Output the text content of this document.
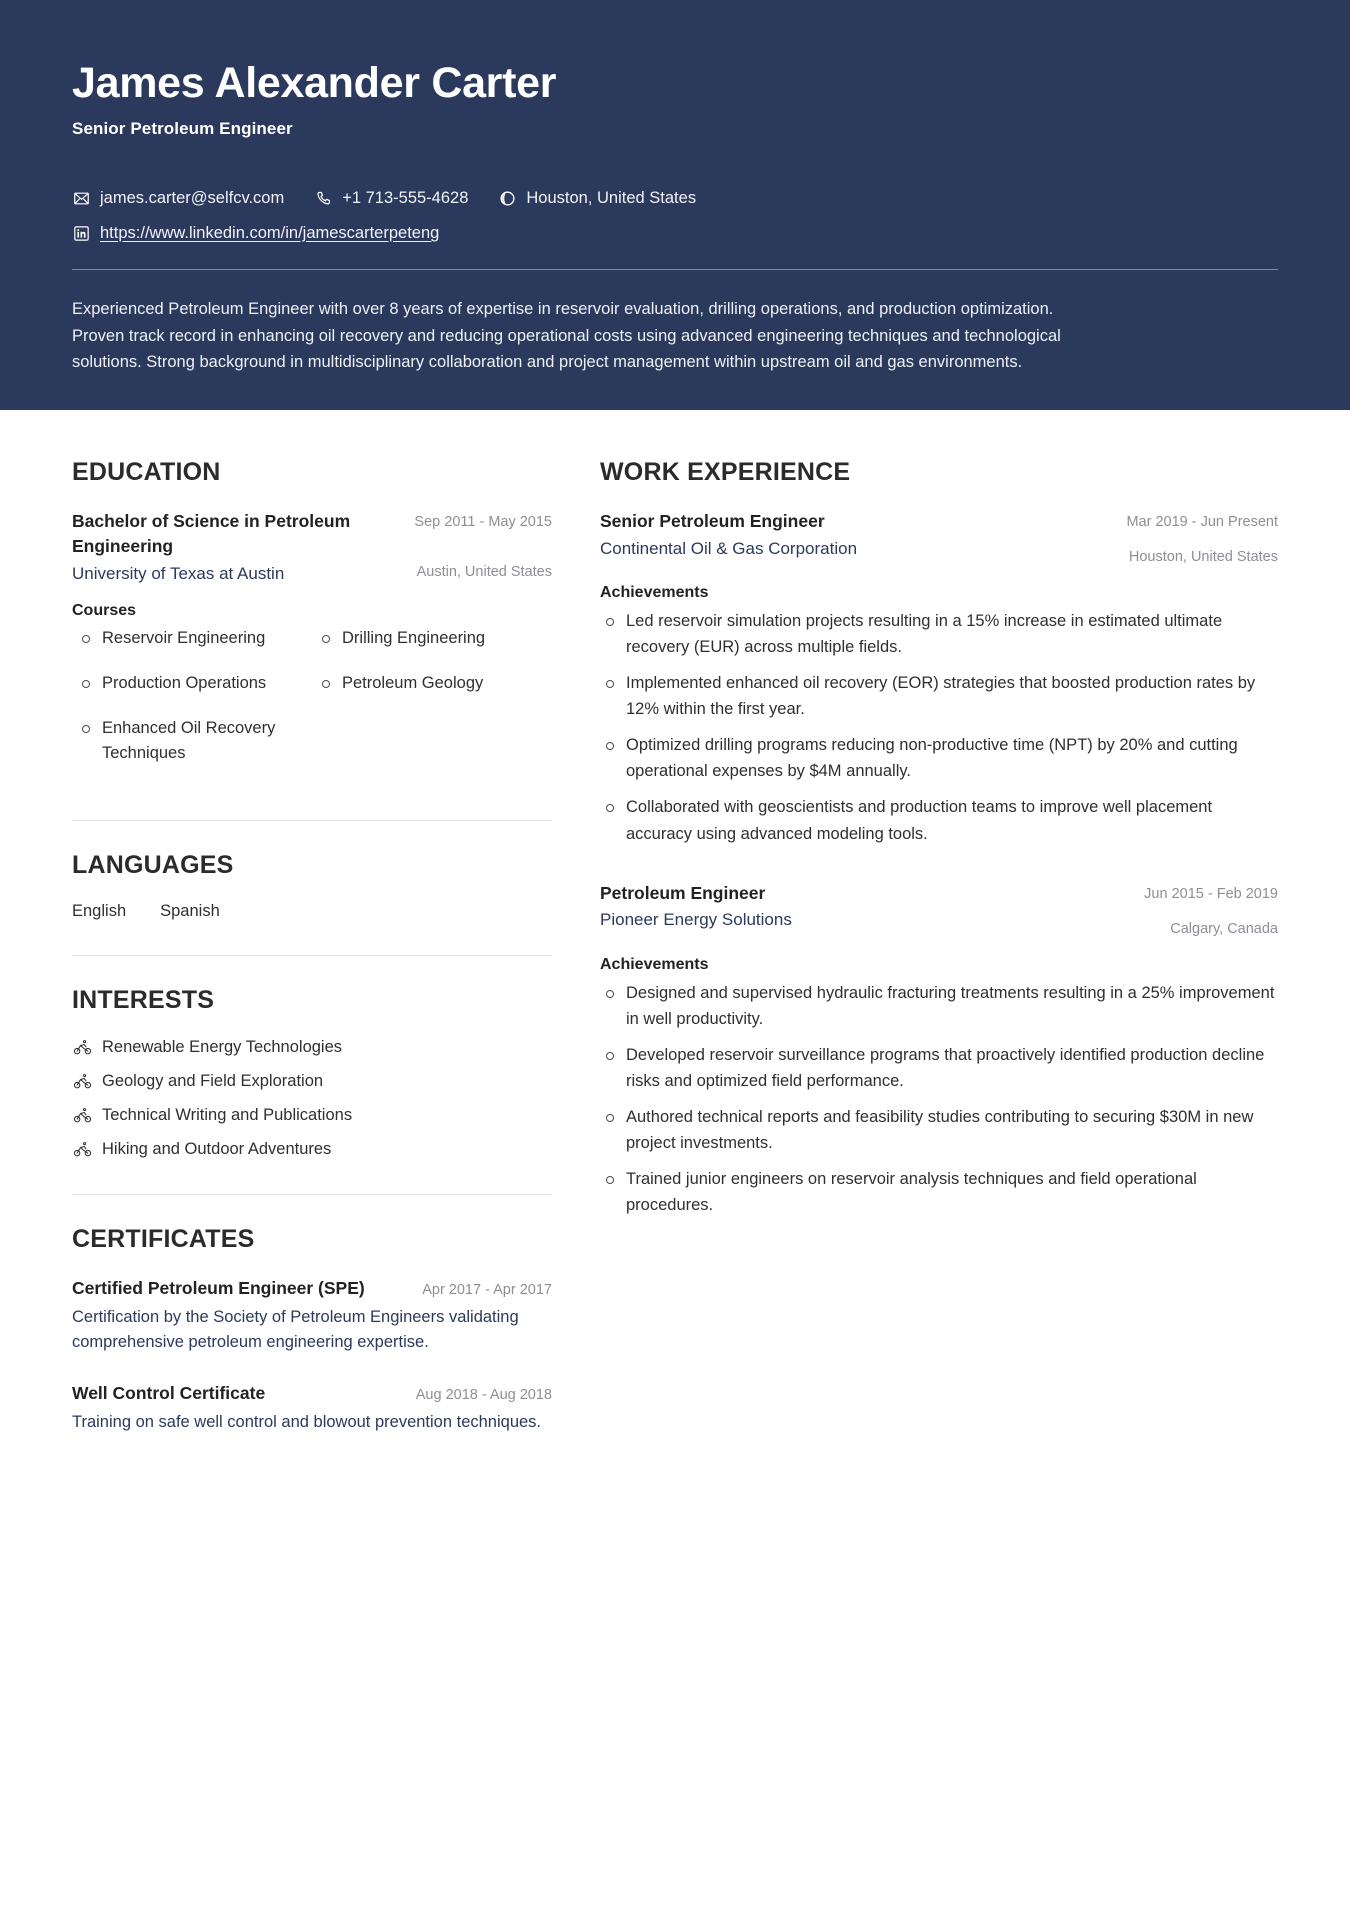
James Alexander Carter
Senior Petroleum Engineer
james.carter@selfcv.com	+1 713-555-4628	Houston, United States
https://www.linkedin.com/in/jamescarterpeteng
Experienced Petroleum Engineer with over 8 years of expertise in reservoir evaluation, drilling operations, and production optimization. Proven track record in enhancing oil recovery and reducing operational costs using advanced engineering techniques and technological solutions. Strong background in multidisciplinary collaboration and project management within upstream oil and gas environments.
EDUCATION
Bachelor of Science in Petroleum Engineering
Sep 2011 - May 2015
University of Texas at Austin	Austin, United States
Courses
Reservoir Engineering	Drilling Engineering
Production Operations	Petroleum Geology
Enhanced Oil Recovery Techniques
LANGUAGES
English Spanish
INTERESTS
Renewable Energy Technologies
Geology and Field Exploration
Technical Writing and Publications
Hiking and Outdoor Adventures
CERTIFICATES
Certified Petroleum Engineer (SPE)	Apr 2017 - Apr 2017
Certification by the Society of Petroleum Engineers validating comprehensive petroleum engineering expertise.
Well Control Certificate	Aug 2018 - Aug 2018
Training on safe well control and blowout prevention techniques.
WORK EXPERIENCE
Senior Petroleum Engineer
Continental Oil & Gas Corporation
Mar 2019 - Jun Present
Houston, United States
Achievements
Led reservoir simulation projects resulting in a 15% increase in estimated ultimate recovery (EUR) across multiple fields.
Implemented enhanced oil recovery (EOR) strategies that boosted production rates by 12% within the first year.
Optimized drilling programs reducing non-productive time (NPT) by 20% and cutting operational expenses by $4M annually.
Collaborated with geoscientists and production teams to improve well placement accuracy using advanced modeling tools.
Petroleum Engineer
Pioneer Energy Solutions
Jun 2015 - Feb 2019
Calgary, Canada
Achievements
Designed and supervised hydraulic fracturing treatments resulting in a 25% improvement in well productivity.
Developed reservoir surveillance programs that proactively identified production decline risks and optimized field performance.
Authored technical reports and feasibility studies contributing to securing $30M in new project investments.
Trained junior engineers on reservoir analysis techniques and field operational procedures.
